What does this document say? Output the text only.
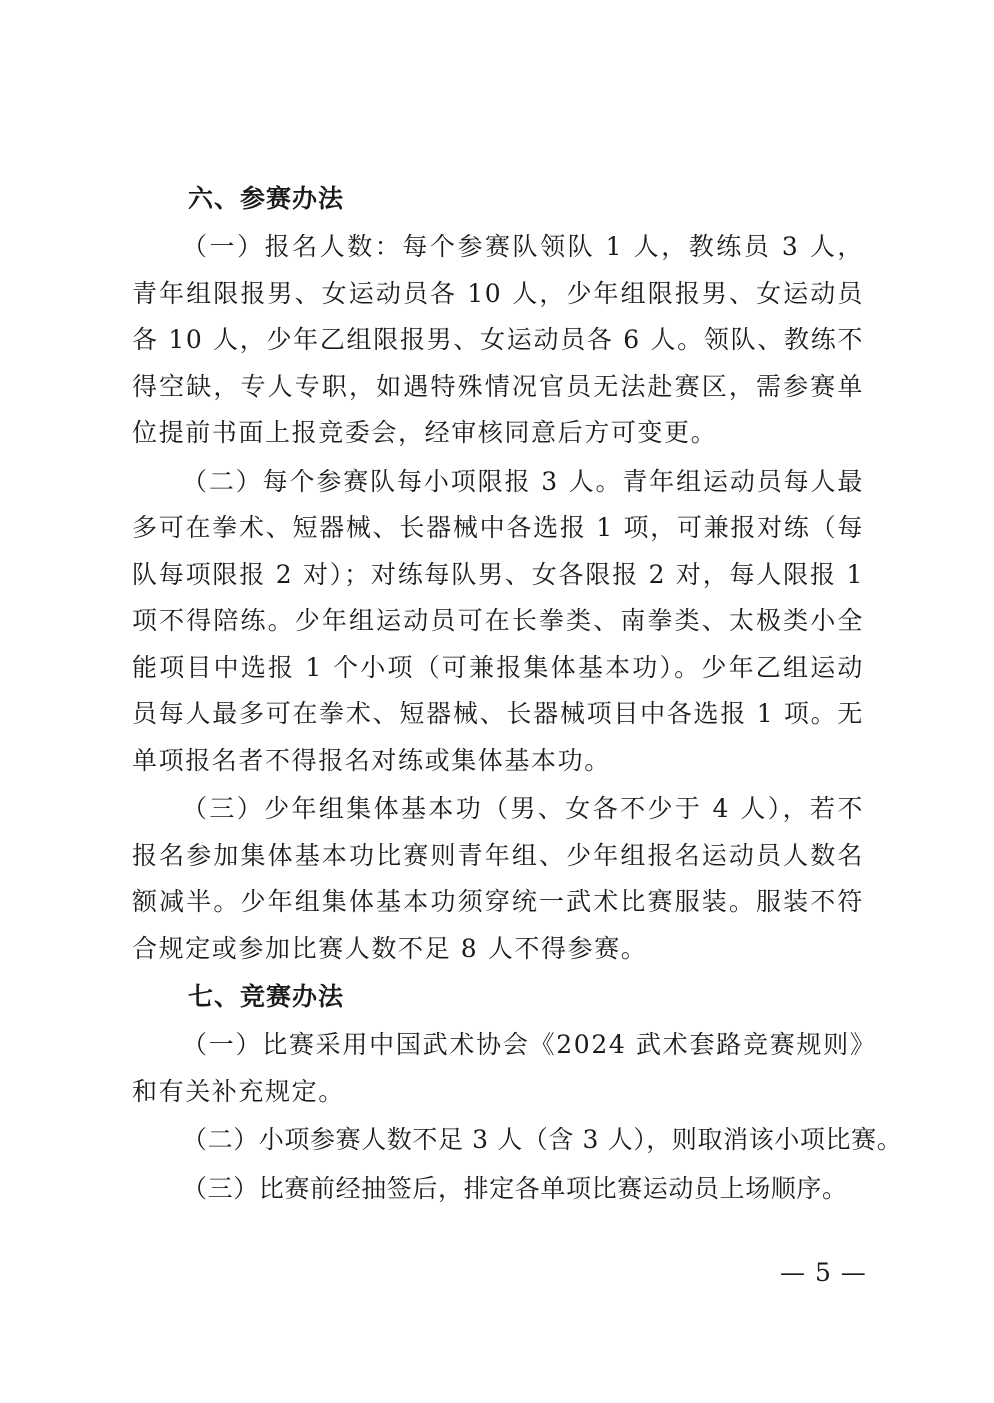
六、参赛办法

（一）报名人数：每个参赛队领队 1 人，教练员 3 人，青年组限报男、女运动员各 10 人，少年组限报男、女运动员各 10 人，少年乙组限报男、女运动员各 6 人。领队、教练不得空缺，专人专职，如遇特殊情况官员无法赴赛区，需参赛单位提前书面上报竞委会，经审核同意后方可变更。

（二）每个参赛队每小项限报 3 人。青年组运动员每人最多可在拳术、短器械、长器械中各选报 1 项，可兼报对练（每队每项限报 2 对）；对练每队男、女各限报 2 对，每人限报 1 项不得陪练。少年组运动员可在长拳类、南拳类、太极类小全能项目中选报 1 个小项（可兼报集体基本功）。少年乙组运动员每人最多可在拳术、短器械、长器械项目中各选报 1 项。无单项报名者不得报名对练或集体基本功。

（三）少年组集体基本功（男、女各不少于 4 人），若不报名参加集体基本功比赛则青年组、少年组报名运动员人数名额减半。少年组集体基本功须穿统一武术比赛服装。服装不符合规定或参加比赛人数不足 8 人不得参赛。

七、竞赛办法

（一）比赛采用中国武术协会《2024 武术套路竞赛规则》和有关补充规定。

（二）小项参赛人数不足 3 人（含 3 人），则取消该小项比赛。

（三）比赛前经抽签后，排定各单项比赛运动员上场顺序。

— 5 —
